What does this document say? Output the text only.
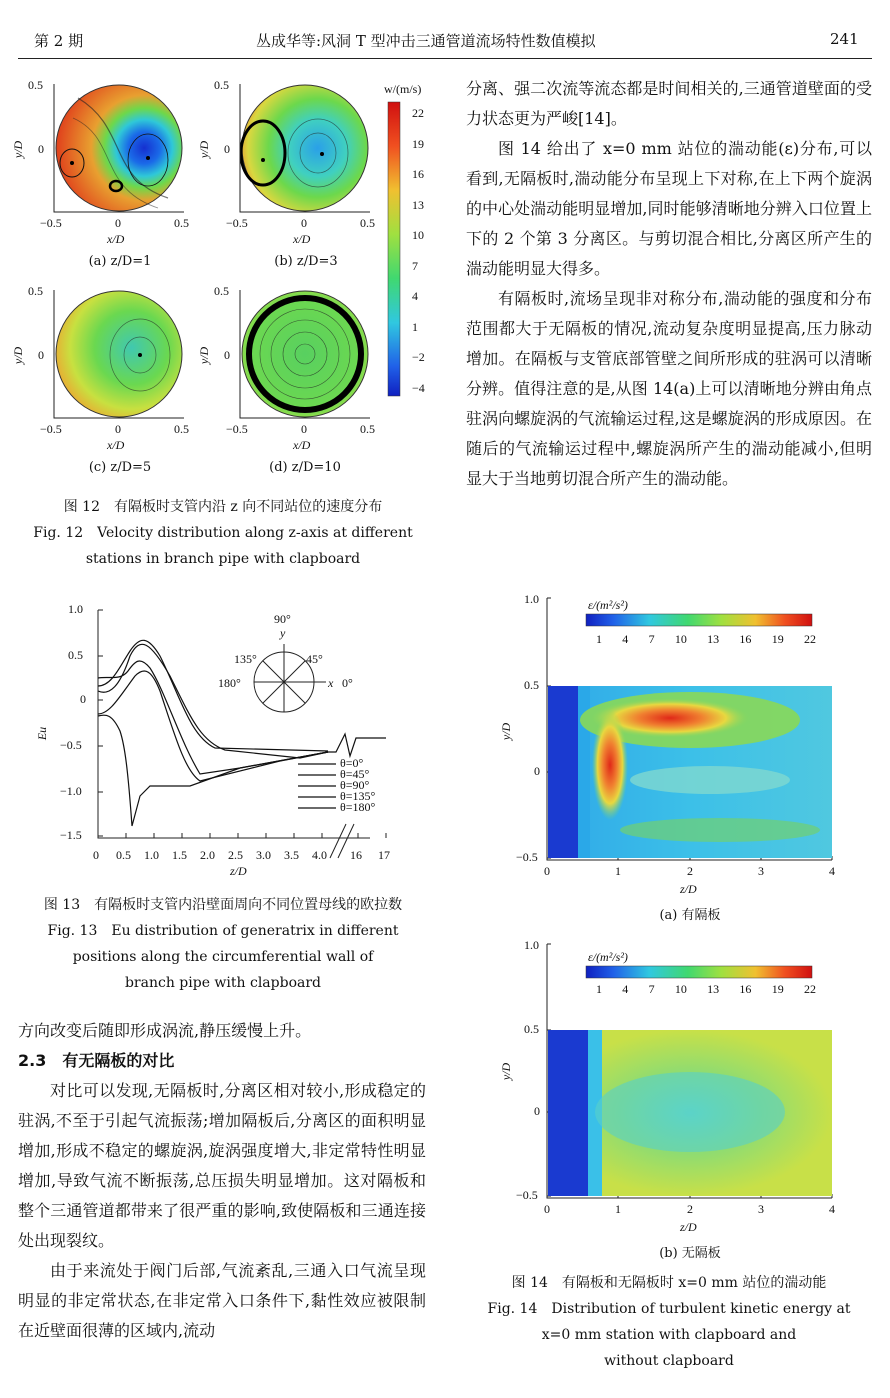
第 2 期	丛成华等:风洞 T 型冲击三通管道流场特性数值模拟	241
w/(m/s)
22
19
16
13
10
7
4
1
−2
−4
0.5
0
y/D
−0.5	0	0.5
x/D
(a) z/D=1
0.5
0
y/D
−0.5	0	0.5
x/D
(b) z/D=3
0.5
0
y/D
−0.5	0	0.5
x/D
(c) z/D=5
0.5
0
y/D
−0.5	0	0.5
x/D
(d) z/D=10
图 12　有隔板时支管内沿 z 向不同站位的速度分布
Fig. 12　Velocity distribution along z-axis at different
stations in branch pipe with clapboard
1.0
0.5
0
−0.5
−1.0
−1.5
Eu
0 0.5 1.0 1.5 2.0 2.5 3.0 3.5 4.0 16 17
z/D
90°
y
135°	45°
180°	x 0°
θ=0°
θ=45°
θ=90°
θ=135°
θ=180°
图 13　有隔板时支管内沿壁面周向不同位置母线的欧拉数
Fig. 13　Eu distribution of generatrix in different
positions along the circumferential wall of
branch pipe with clapboard

方向改变后随即形成涡流,静压缓慢上升。

2.3　有无隔板的对比

对比可以发现,无隔板时,分离区相对较小,形成稳定的驻涡,不至于引起气流振荡;增加隔板后,分离区的面积明显增加,形成不稳定的螺旋涡,旋涡强度增大,非定常特性明显增加,导致气流不断振荡,总压损失明显增加。这对隔板和整个三通管道都带来了很严重的影响,致使隔板和三通连接处出现裂纹。

由于来流处于阀门后部,气流紊乱,三通入口气流呈现明显的非定常状态,在非定常入口条件下,黏性效应被限制在近壁面很薄的区域内,流动

分离、强二次流等流态都是时间相关的,三通管道壁面的受力状态更为严峻[14]。

图 14 给出了 x=0 mm 站位的湍动能(ε)分布,可以看到,无隔板时,湍动能分布呈现上下对称,在上下两个旋涡的中心处湍动能明显增加,同时能够清晰地分辨入口位置上下的 2 个第 3 分离区。与剪切混合相比,分离区所产生的湍动能明显大得多。

有隔板时,流场呈现非对称分布,湍动能的强度和分布范围都大于无隔板的情况,流动复杂度明显提高,压力脉动增加。在隔板与支管底部管壁之间所形成的驻涡可以清晰分辨。值得注意的是,从图 14(a)上可以清晰地分辨由角点驻涡向螺旋涡的气流输运过程,这是螺旋涡的形成原因。在随后的气流输运过程中,螺旋涡所产生的湍动能减小,但明显大于当地剪切混合所产生的湍动能。

ε/(m²/s²)
1 4 7 10 13 16 19 22
1.0
0.5
0
−0.5
y/D
0	1	2	3	4
z/D
(a) 有隔板
ε/(m²/s²)
1 4 7 10 13 16 19 22
1.0
0.5
0
−0.5
y/D
0	1	2	3	4
z/D
(b) 无隔板
图 14　有隔板和无隔板时 x=0 mm 站位的湍动能
Fig. 14　Distribution of turbulent kinetic energy at
x=0 mm station with clapboard and
without clapboard
